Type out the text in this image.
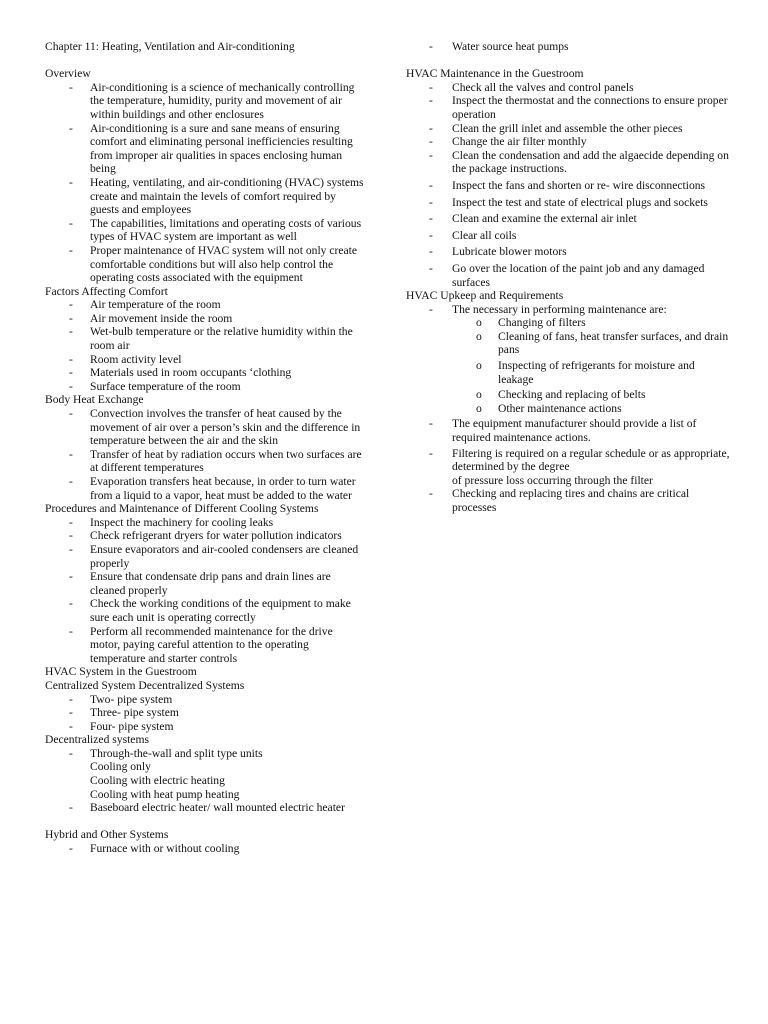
Chapter 11: Heating, Ventilation and Air-conditioning
Overview
- Air-conditioning is a science of mechanically controlling the temperature, humidity, purity and movement of air within buildings and other enclosures
- Air-conditioning is a sure and sane means of ensuring comfort and eliminating personal inefficiencies resulting from improper air qualities in spaces enclosing human being
- Heating, ventilating, and air-conditioning (HVAC) systems create and maintain the levels of comfort required by guests and employees
- The capabilities, limitations and operating costs of various types of HVAC system are important as well
- Proper maintenance of HVAC system will not only create comfortable conditions but will also help control the operating costs associated with the equipment
Factors Affecting Comfort
- Air temperature of the room
- Air movement inside the room
- Wet-bulb temperature or the relative humidity within the room air
- Room activity level
- Materials used in room occupants ‘clothing
- Surface temperature of the room
Body Heat Exchange
- Convection involves the transfer of heat caused by the movement of air over a person’s skin and the difference in temperature between the air and the skin
- Transfer of heat by radiation occurs when two surfaces are at different temperatures
- Evaporation transfers heat because, in order to turn water from a liquid to a vapor, heat must be added to the water
Procedures and Maintenance of Different Cooling Systems
- Inspect the machinery for cooling leaks
- Check refrigerant dryers for water pollution indicators
- Ensure evaporators and air-cooled condensers are cleaned properly
- Ensure that condensate drip pans and drain lines are cleaned properly
- Check the working conditions of the equipment to make sure each unit is operating correctly
- Perform all recommended maintenance for the drive motor, paying careful attention to the operating temperature and starter controls
HVAC System in the Guestroom
Centralized System Decentralized Systems
- Two- pipe system
- Three- pipe system
- Four- pipe system
Decentralized systems
- Through-the-wall and split type units
Cooling only
Cooling with electric heating
Cooling with heat pump heating
- Baseboard electric heater/ wall mounted electric heater
Hybrid and Other Systems
- Furnace with or without cooling
- Water source heat pumps
HVAC Maintenance in the Guestroom
- Check all the valves and control panels
- Inspect the thermostat and the connections to ensure proper operation
- Clean the grill inlet and assemble the other pieces
- Change the air filter monthly
- Clean the condensation and add the algaecide depending on the package instructions.
- Inspect the fans and shorten or re- wire disconnections
- Inspect the test and state of electrical plugs and sockets
- Clean and examine the external air inlet
- Clear all coils
- Lubricate blower motors
- Go over the location of the paint job and any damaged surfaces
HVAC Upkeep and Requirements
- The necessary in performing maintenance are:
o Changing of filters
o Cleaning of fans, heat transfer surfaces, and drain pans
o Inspecting of refrigerants for moisture and leakage
o Checking and replacing of belts
o Other maintenance actions
- The equipment manufacturer should provide a list of required maintenance actions.
- Filtering is required on a regular schedule or as appropriate, determined by the degree
of pressure loss occurring through the filter
- Checking and replacing tires and chains are critical processes
